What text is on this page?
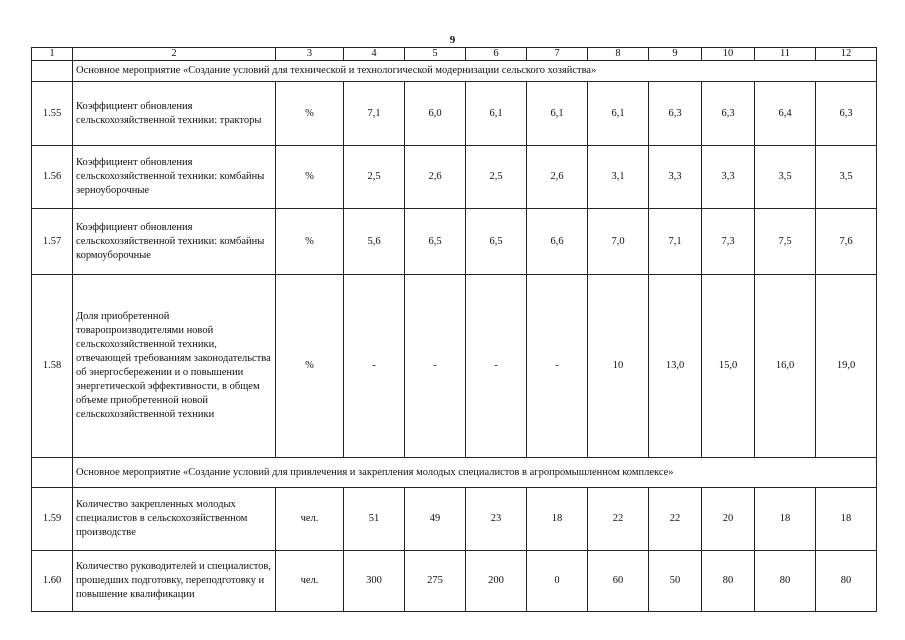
9
1	2	3	4	5	6	7	8	9	10	11	12
	Основное мероприятие «Создание условий для технической и технологической модернизации сельского хозяйства»										
1.55	Коэффициент обновления сельскохозяйственной техники: тракторы	%	7,1	6,0	6,1	6,1	6,1	6,3	6,3	6,4	6,3
1.56	Коэффициент обновления сельскохозяйственной техники: комбайны зерноуборочные	%	2,5	2,6	2,5	2,6	3,1	3,3	3,3	3,5	3,5
1.57	Коэффициент обновления сельскохозяйственной техники: комбайны кормоуборочные	%	5,6	6,5	6,5	6,6	7,0	7,1	7,3	7,5	7,6
1.58	Доля приобретенной товаропроизводителями новой сельскохозяйственной техники, отвечающей требованиям законодательства об энергосбережении и о повышении энергетической эффективности, в общем объеме приобретенной новой сельскохозяйственной техники	%	-	-	-	-	10	13,0	15,0	16,0	19,0
	Основное мероприятие «Создание условий для привлечения и закрепления молодых специалистов в агропромышленном комплексе»										
1.59	Количество закрепленных молодых специалистов в сельскохозяйственном производстве	чел.	51	49	23	18	22	22	20	18	18
1.60	Количество руководителей и специалистов, прошедших подготовку, переподготовку и повышение квалификации	чел.	300	275	200	0	60	50	80	80	80
